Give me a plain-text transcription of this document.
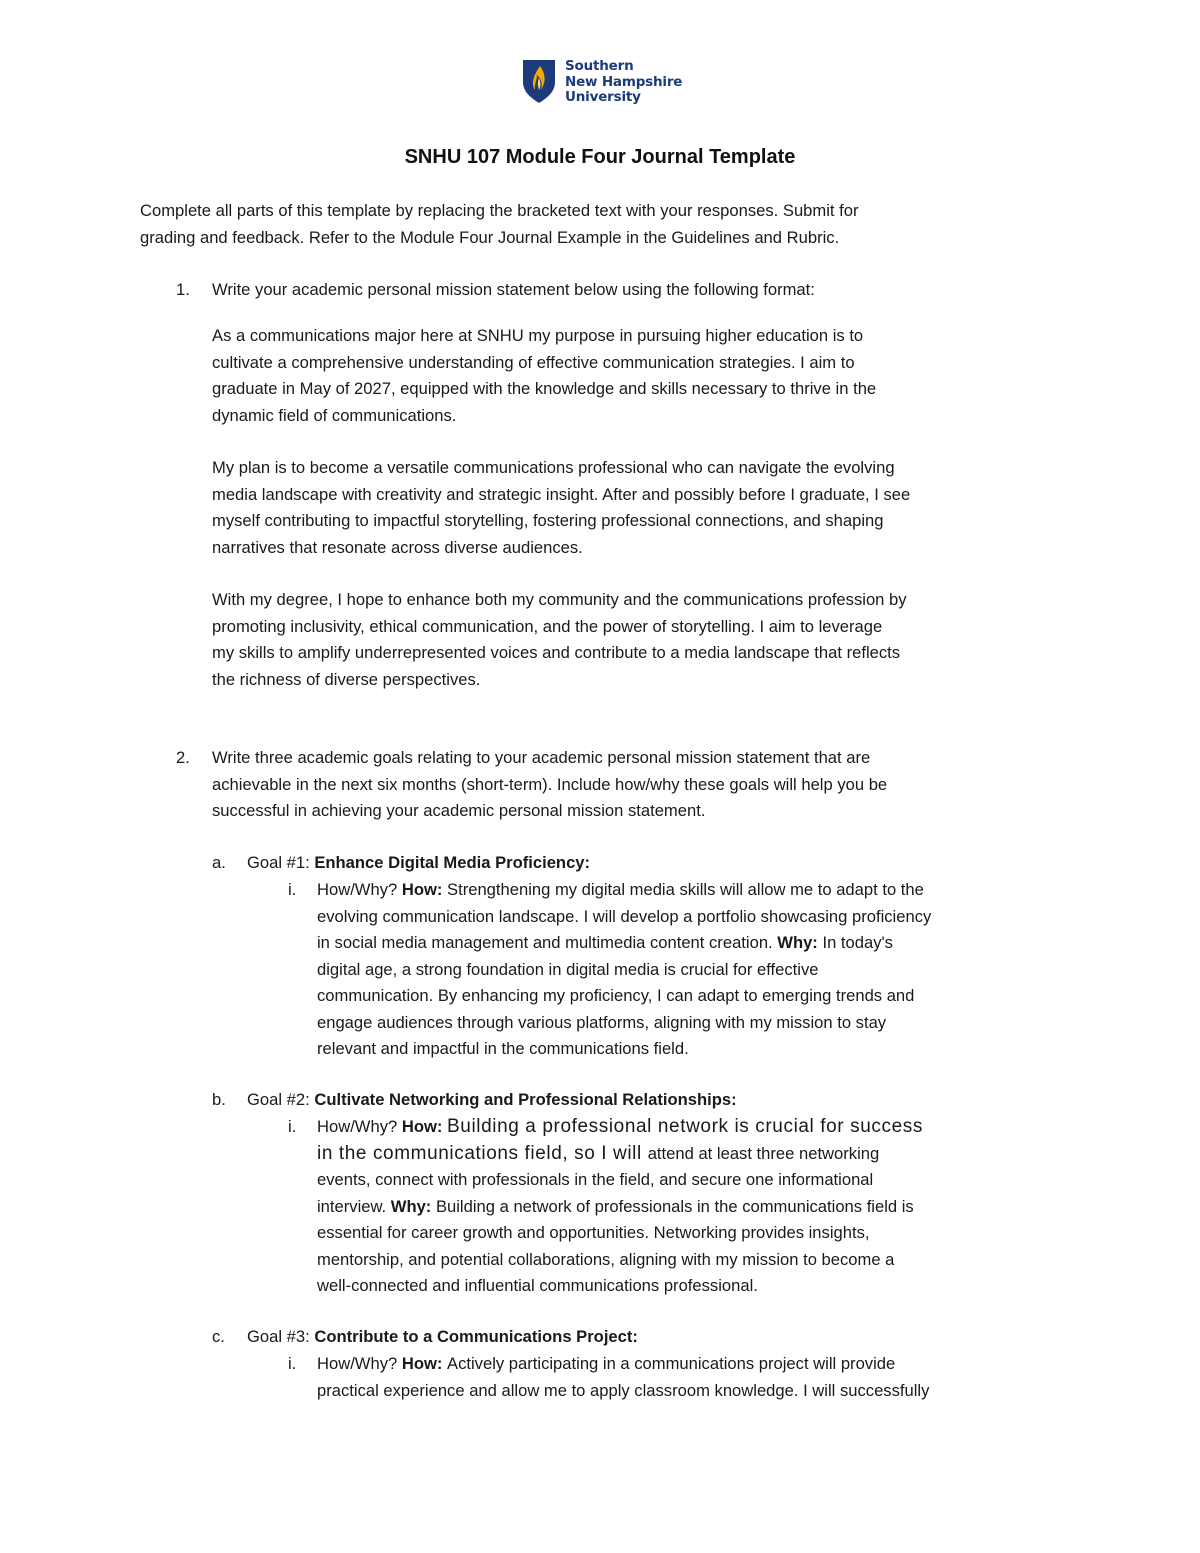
Southern
New Hampshire
University
SNHU 107 Module Four Journal Template
Complete all parts of this template by replacing the bracketed text with your responses. Submit for
grading and feedback. Refer to the Module Four Journal Example in the Guidelines and Rubric.
1. Write your academic personal mission statement below using the following format:
As a communications major here at SNHU my purpose in pursuing higher education is to
cultivate a comprehensive understanding of effective communication strategies. I aim to
graduate in May of 2027, equipped with the knowledge and skills necessary to thrive in the
dynamic field of communications.
My plan is to become a versatile communications professional who can navigate the evolving
media landscape with creativity and strategic insight. After and possibly before I graduate, I see
myself contributing to impactful storytelling, fostering professional connections, and shaping
narratives that resonate across diverse audiences.
With my degree, I hope to enhance both my community and the communications profession by
promoting inclusivity, ethical communication, and the power of storytelling. I aim to leverage
my skills to amplify underrepresented voices and contribute to a media landscape that reflects
the richness of diverse perspectives.
2. Write three academic goals relating to your academic personal mission statement that are
achievable in the next six months (short-term). Include how/why these goals will help you be
successful in achieving your academic personal mission statement.
a. Goal #1: Enhance Digital Media Proficiency:
i. How/Why? How: Strengthening my digital media skills will allow me to adapt to the
evolving communication landscape. I will develop a portfolio showcasing proficiency
in social media management and multimedia content creation. Why: In today's
digital age, a strong foundation in digital media is crucial for effective
communication. By enhancing my proficiency, I can adapt to emerging trends and
engage audiences through various platforms, aligning with my mission to stay
relevant and impactful in the communications field.
b. Goal #2: Cultivate Networking and Professional Relationships:
i. How/Why? How: Building a professional network is crucial for success
in the communications field, so I will attend at least three networking
events, connect with professionals in the field, and secure one informational
interview. Why: Building a network of professionals in the communications field is
essential for career growth and opportunities. Networking provides insights,
mentorship, and potential collaborations, aligning with my mission to become a
well-connected and influential communications professional.
c. Goal #3: Contribute to a Communications Project:
i. How/Why? How: Actively participating in a communications project will provide
practical experience and allow me to apply classroom knowledge. I will successfully
